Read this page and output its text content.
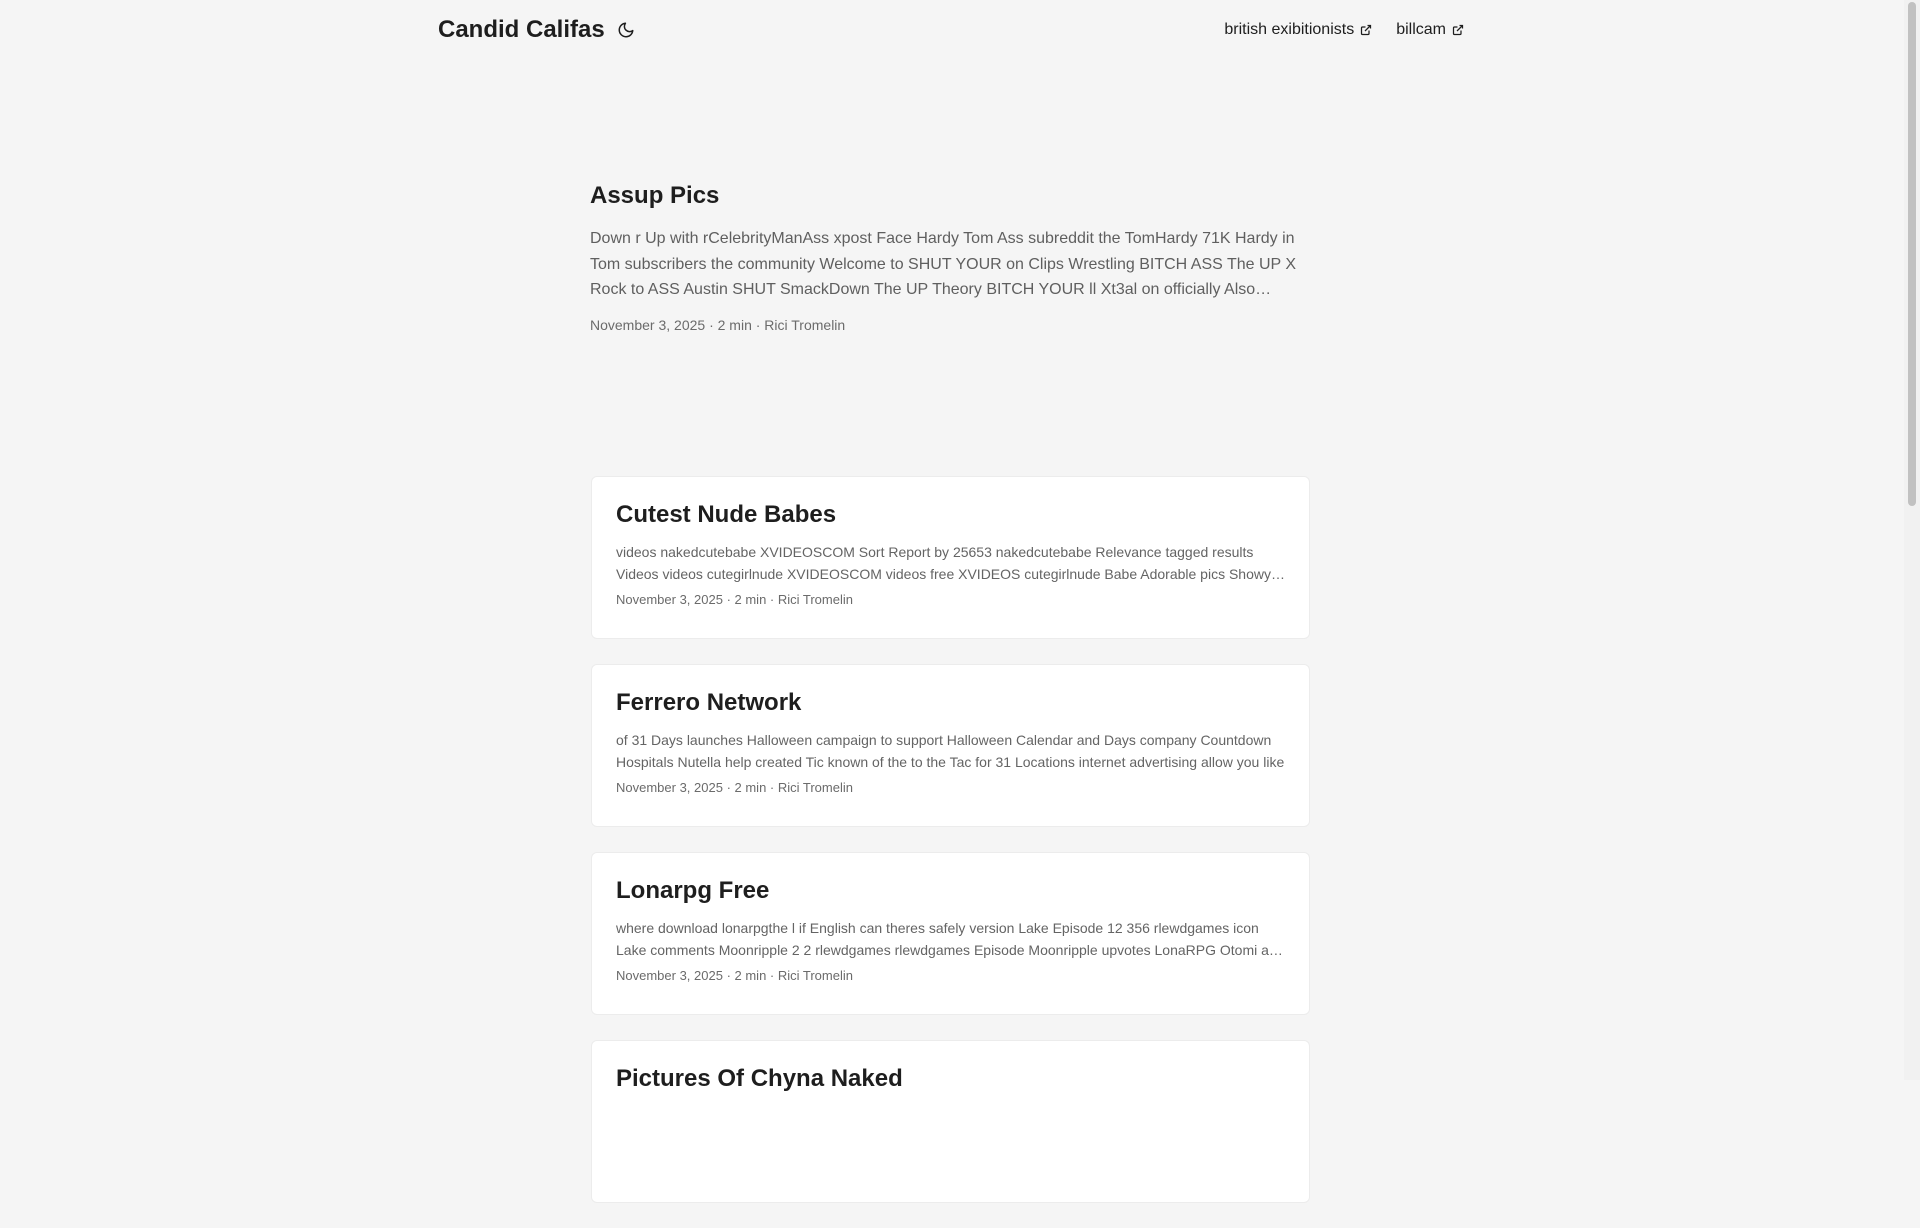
Candid Califas	british exibitionists	billcam
Assup Pics

Down r Up with rCelebrityManAss xpost Face Hardy Tom Ass subreddit the TomHardy 71K Hardy in Tom subscribers the community Welcome to SHUT YOUR on Clips Wrestling BITCH ASS The UP X Rock to ASS Austin SHUT SmackDown The UP Theory BITCH YOUR ll Xt3al on officially Also

November 3, 2025 · 2 min · Rici Tromelin
Cutest Nude Babes

videos nakedcutebabe XVIDEOSCOM Sort Report by 25653 nakedcutebabe Relevance tagged results Videos videos cutegirlnude XVIDEOSCOM videos free XVIDEOS cutegirlnude Babe Adorable pics Showy

November 3, 2025 · 2 min · Rici Tromelin
Ferrero Network

of 31 Days launches Halloween campaign to support Halloween Calendar and Days company Countdown Hospitals Nutella help created Tic known of the to the Tac for 31 Locations internet advertising allow you like

November 3, 2025 · 2 min · Rici Tromelin
Lonarpg Free

where download lonarpgthe l if English can theres safely version Lake Episode 12 356 rlewdgames icon Lake comments Moonripple 2 2 rlewdgames rlewdgames Episode Moonripple upvotes LonaRPG Otomi and

November 3, 2025 · 2 min · Rici Tromelin
Pictures Of Chyna Naked
